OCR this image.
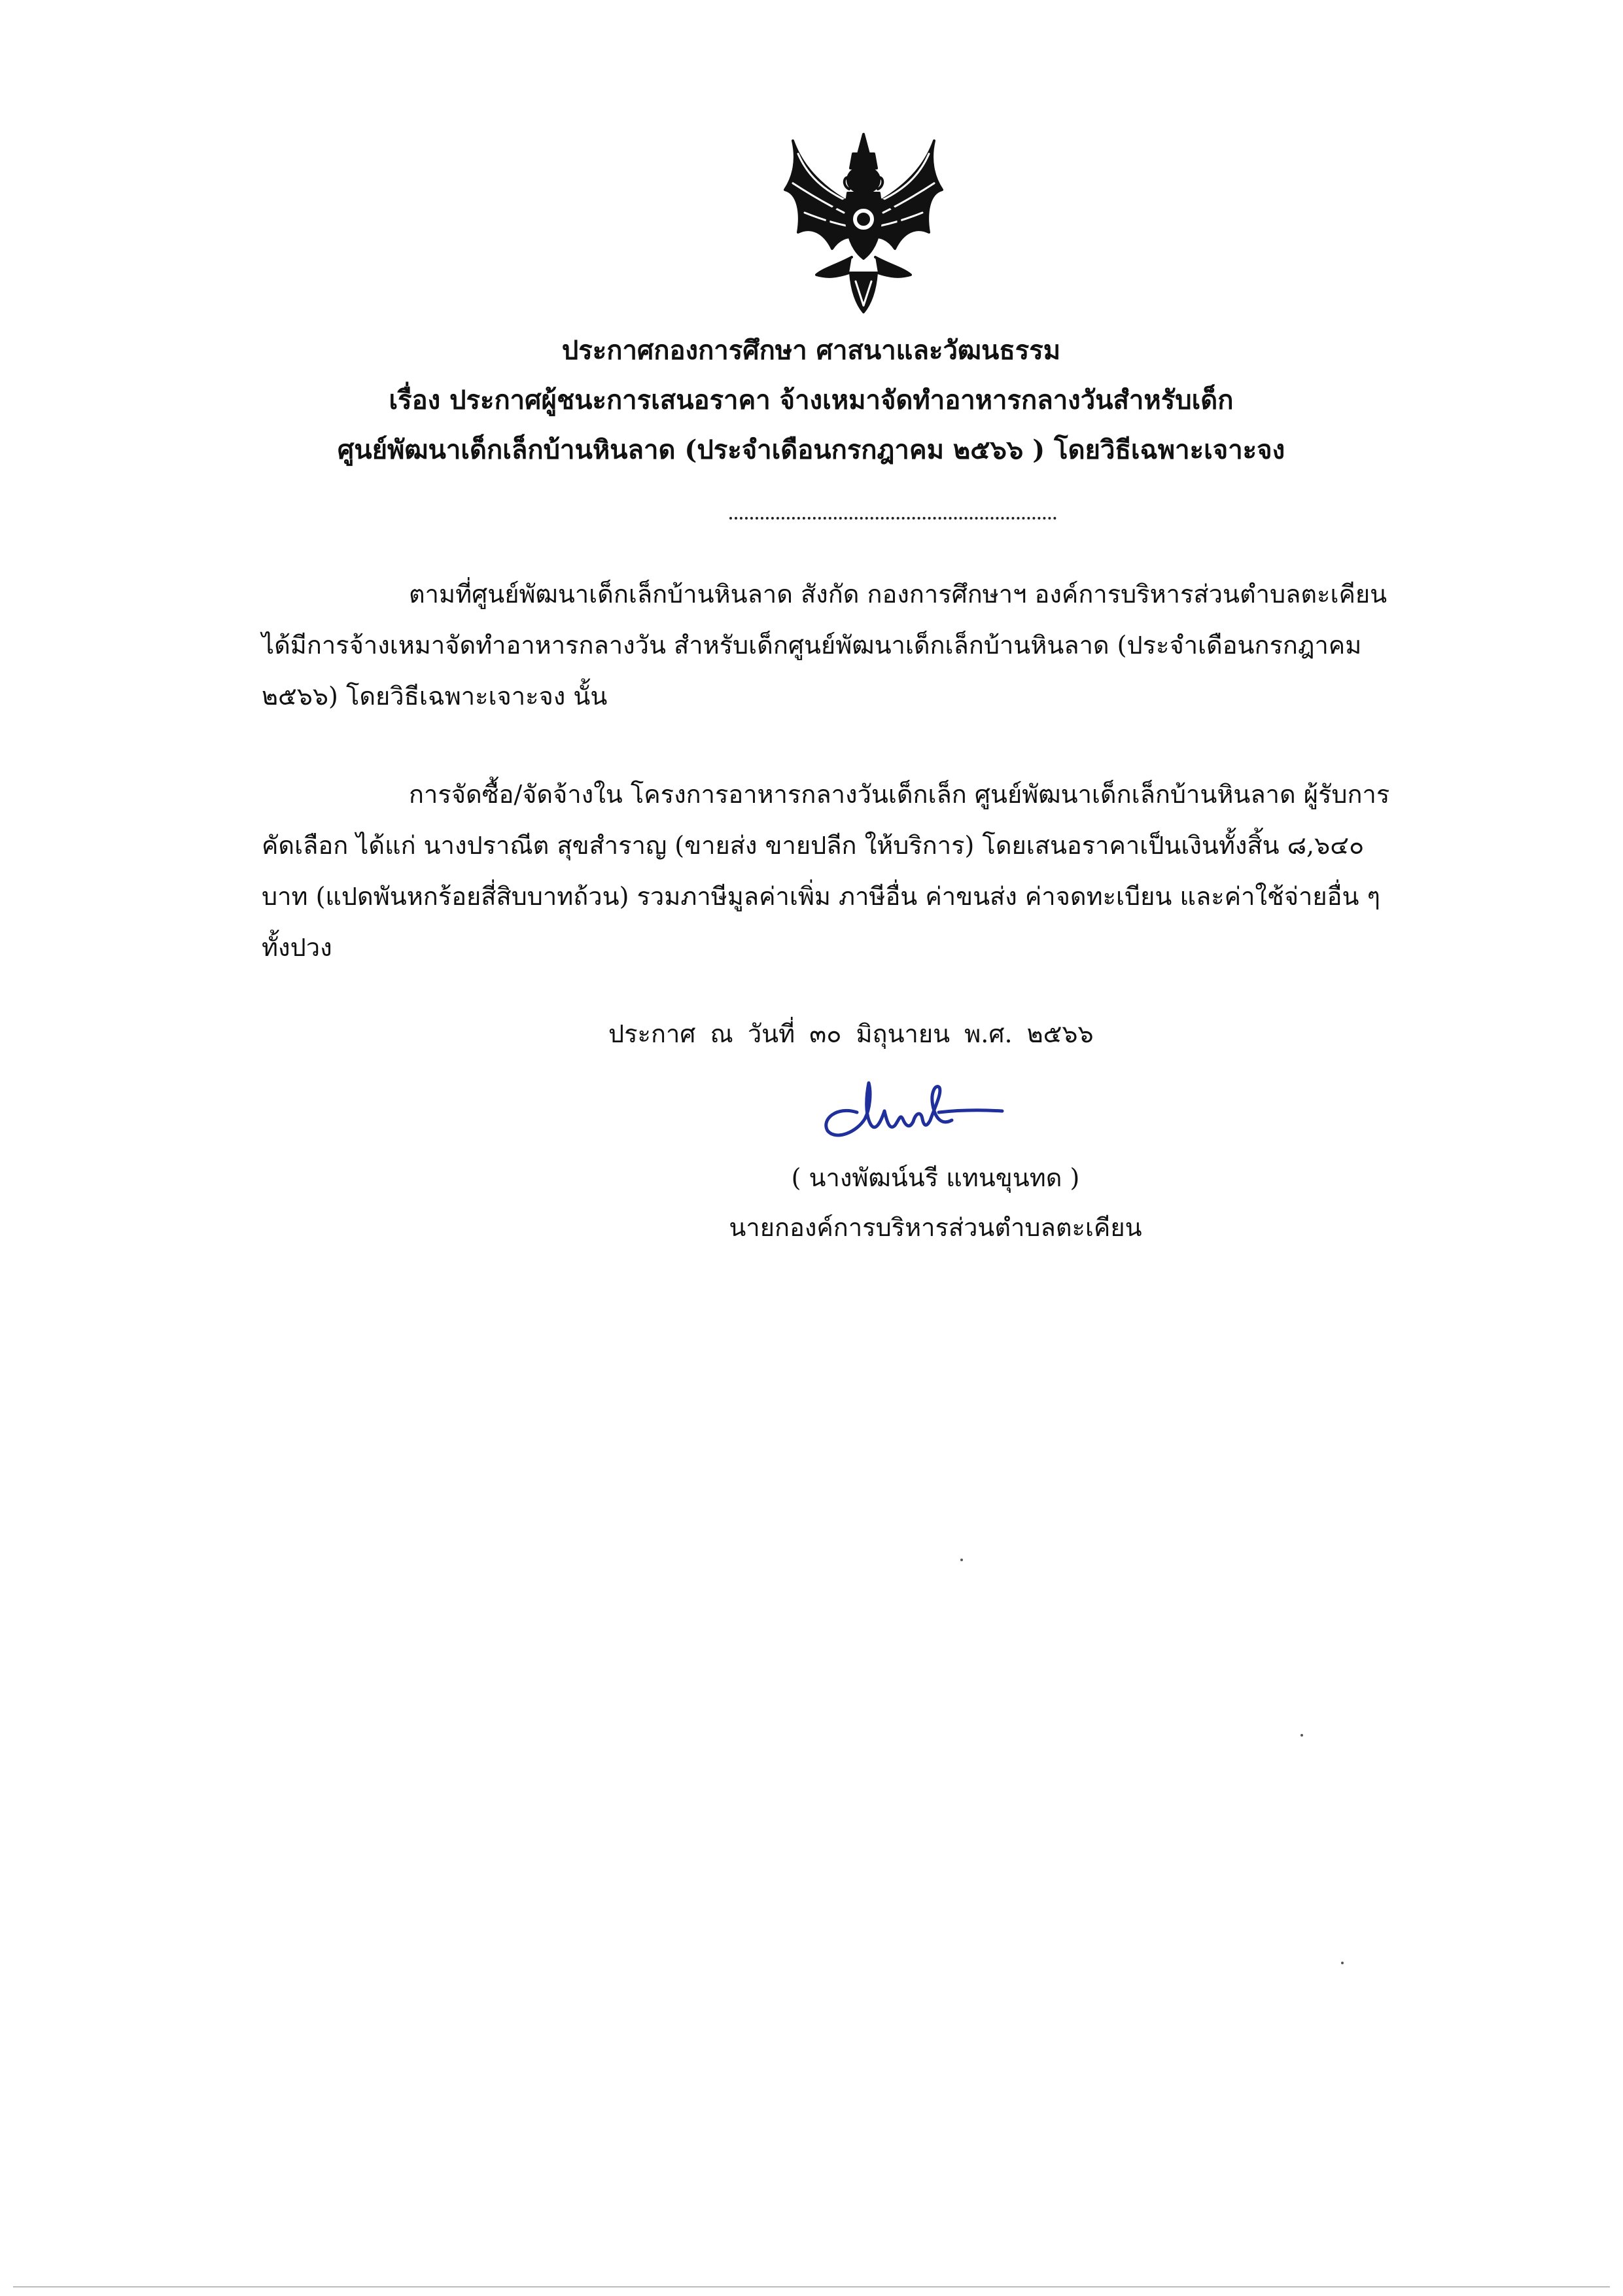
ประกาศกองการศึกษา ศาสนาและวัฒนธรรม
เรื่อง ประกาศผู้ชนะการเสนอราคา จ้างเหมาจัดทำอาหารกลางวันสำหรับเด็ก
ศูนย์พัฒนาเด็กเล็กบ้านหินลาด (ประจำเดือนกรกฎาคม ๒๕๖๖ ) โดยวิธีเฉพาะเจาะจง
ตามที่ศูนย์พัฒนาเด็กเล็กบ้านหินลาด สังกัด กองการศึกษาฯ องค์การบริหารส่วนตำบลตะเคียน
ได้มีการจ้างเหมาจัดทำอาหารกลางวัน สำหรับเด็กศูนย์พัฒนาเด็กเล็กบ้านหินลาด (ประจำเดือนกรกฎาคม
๒๕๖๖) โดยวิธีเฉพาะเจาะจง นั้น
การจัดซื้อ/จัดจ้างใน โครงการอาหารกลางวันเด็กเล็ก ศูนย์พัฒนาเด็กเล็กบ้านหินลาด ผู้รับการ
คัดเลือก ได้แก่ นางปราณีต สุขสำราญ (ขายส่ง ขายปลีก ให้บริการ) โดยเสนอราคาเป็นเงินทั้งสิ้น ๘,๖๔๐
บาท (แปดพันหกร้อยสี่สิบบาทถ้วน) รวมภาษีมูลค่าเพิ่ม ภาษีอื่น ค่าขนส่ง ค่าจดทะเบียน และค่าใช้จ่ายอื่น ๆ
ทั้งปวง
ประกาศ ณ วันที่ ๓๐ มิถุนายน พ.ศ. ๒๕๖๖
( นางพัฒน์นรี แทนขุนทด )
นายกองค์การบริหารส่วนตำบลตะเคียน
